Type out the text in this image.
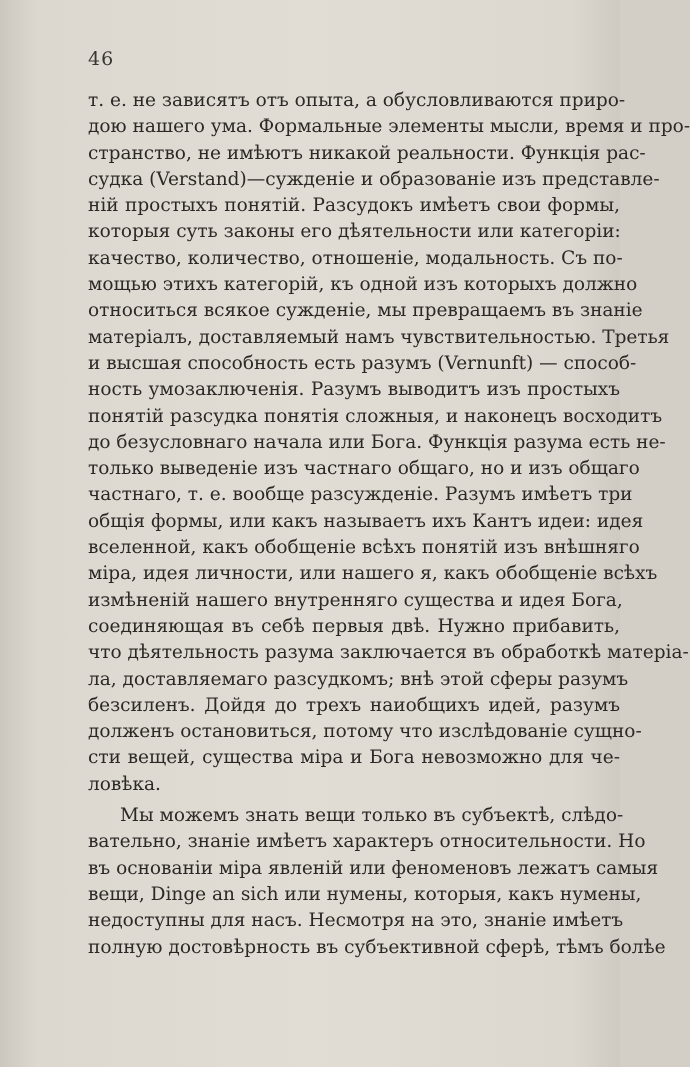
46
т. е. не зависятъ отъ опыта, а обусловливаются приро-
дою нашего ума. Формальные элементы мысли, время и про-
странство, не имѣютъ никакой реальности. Функція рас-
судка (Verstand)—сужденіе и образованіе изъ представле-
ній простыхъ понятій. Разсудокъ имѣетъ свои формы,
которыя суть законы его дѣятельности или категоріи:
качество, количество, отношеніе, модальность. Съ по-
мощью этихъ категорій, къ одной изъ которыхъ должно
относиться всякое сужденіе, мы превращаемъ въ знаніе
матеріалъ, доставляемый намъ чувствительностью. Третья
и высшая способность есть разумъ (Vernunft) — способ-
ность умозаключенія. Разумъ выводитъ изъ простыхъ
понятій разсудка понятія сложныя, и наконецъ восходитъ
до безусловнаго начала или Бога. Функція разума есть не-
только выведеніе изъ частнаго общаго, но и изъ общаго
частнаго, т. е. вообще разсужденіе. Разумъ имѣетъ три
общія формы, или какъ называетъ ихъ Кантъ идеи: идея
вселенной, какъ обобщеніе всѣхъ понятій изъ внѣшняго
міра, идея личности, или нашего я, какъ обобщеніе всѣхъ
измѣненій нашего внутренняго существа и идея Бога,
соединяющая въ себѣ первыя двѣ. Нужно прибавить,
что дѣятельность разума заключается въ обработкѣ матеріа-
ла, доставляемаго разсудкомъ; внѣ этой сферы разумъ
безсиленъ. Дойдя до трехъ наиобщихъ идей, разумъ
долженъ остановиться, потому что изслѣдованіе сущно-
сти вещей, существа міра и Бога невозможно для че-
ловѣка.
Мы можемъ знать вещи только въ субъектѣ, слѣдо-
вательно, знаніе имѣетъ характеръ относительности. Но
въ основаніи міра явленій или феноменовъ лежатъ самыя
вещи, Dinge an sich или нумены, которыя, какъ нумены,
недоступны для насъ. Несмотря на это, знаніе имѣетъ
полную достовѣрность въ субъективной сферѣ, тѣмъ болѣе
